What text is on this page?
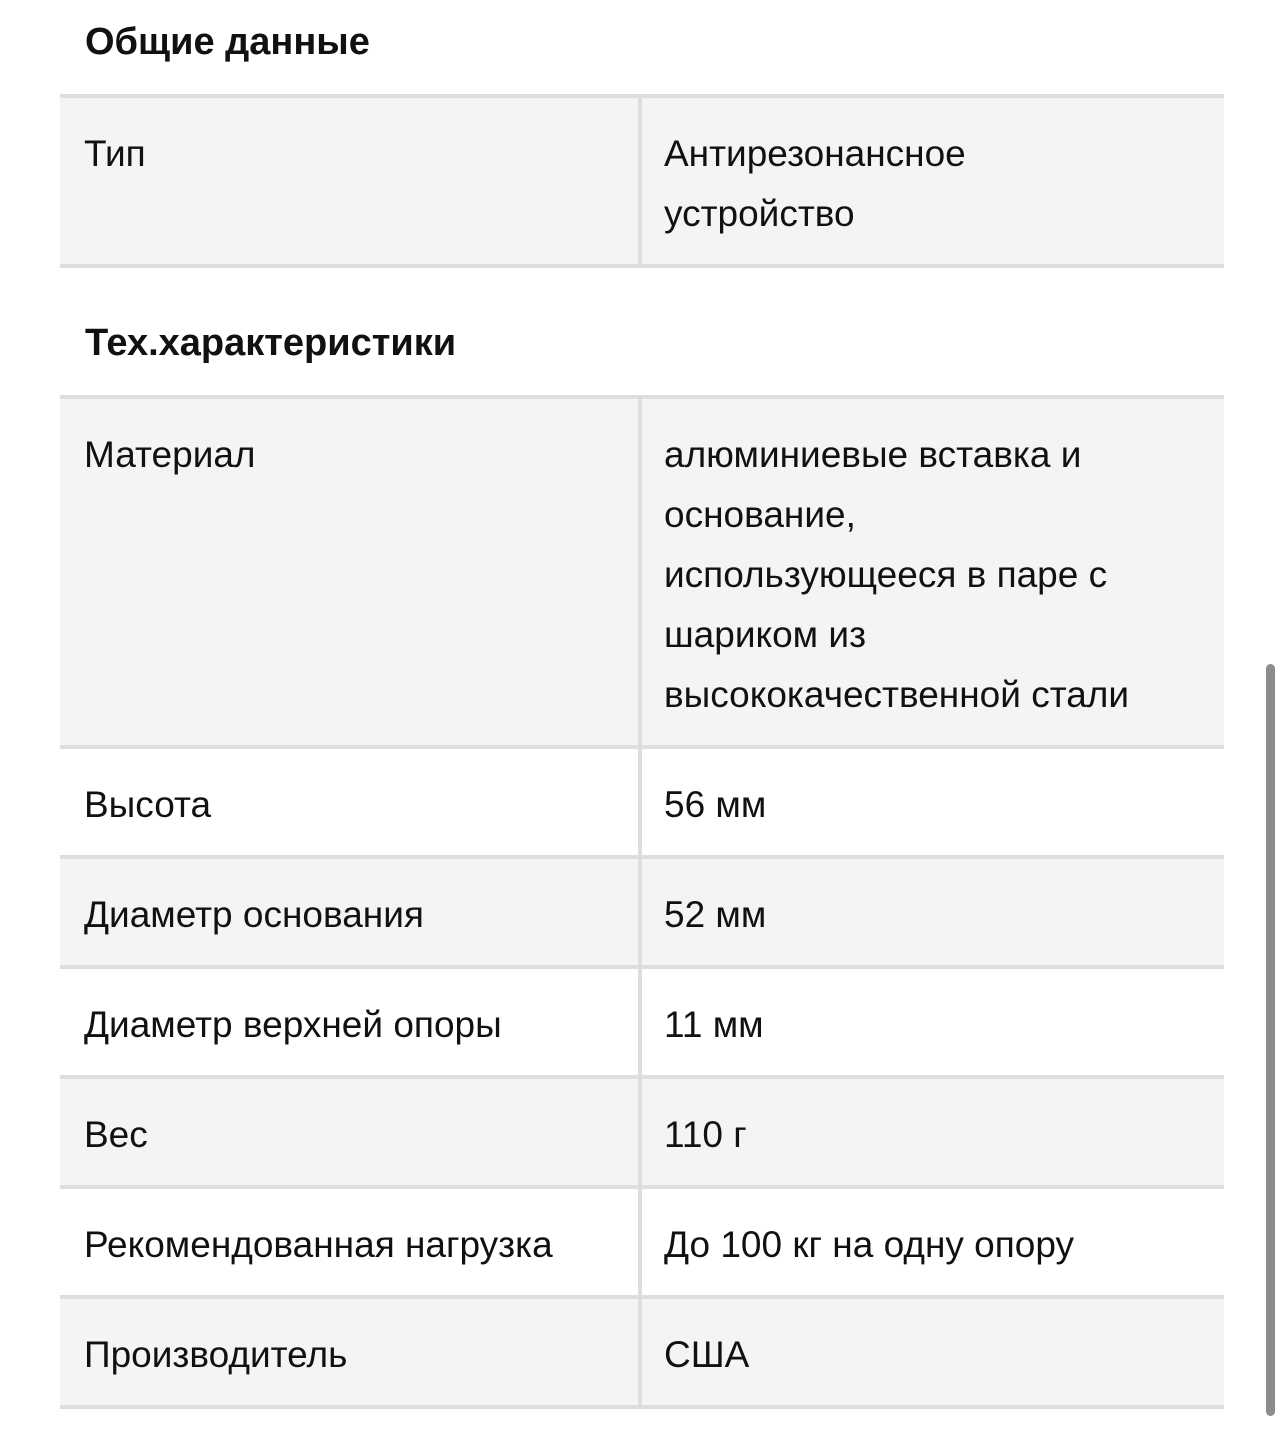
Общие данные
Тип	Антирезонансное
устройство
Тех.характеристики
Материал	алюминиевые вставка и
основание,
использующееся в паре с
шариком из
высококачественной стали

Высота	56 мм
Диаметр основания	52 мм
Диаметр верхней опоры	11 мм
Вес	110 г
Рекомендованная нагрузка	До 100 кг на одну опору
Производитель	США
